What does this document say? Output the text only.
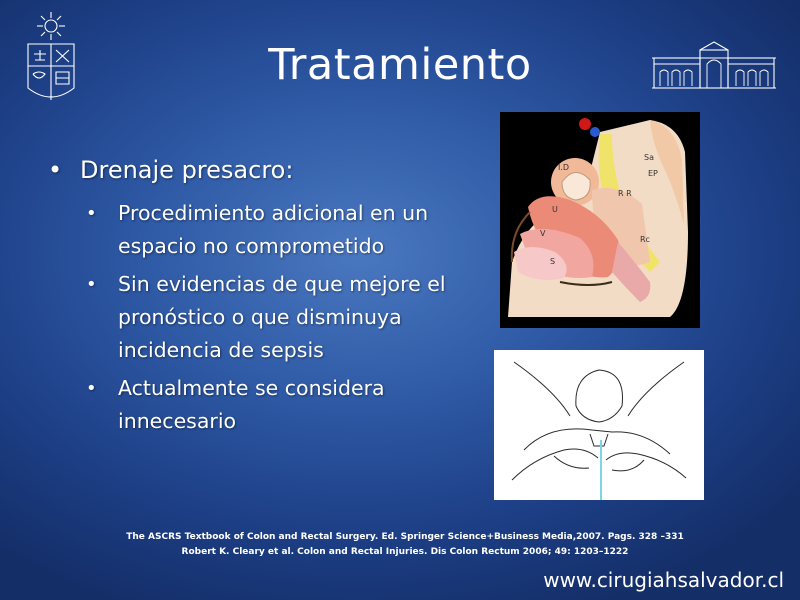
Tratamiento
• Drenaje presacro:
• Procedimiento adicional en un espacio no comprometido
• Sin evidencias de que mejore el pronóstico o que disminuya incidencia de sepsis
• Actualmente se considera innecesario
Sa
EP
I.D
R R
U
V
Rc
S
The ASCRS Textbook of Colon and Rectal Surgery. Ed. Springer Science+Business Media,2007. Pags. 328 –331
Robert K. Cleary et al. Colon and Rectal Injuries. Dis Colon Rectum 2006; 49: 1203–1222
www.cirugiahsalvador.cl
